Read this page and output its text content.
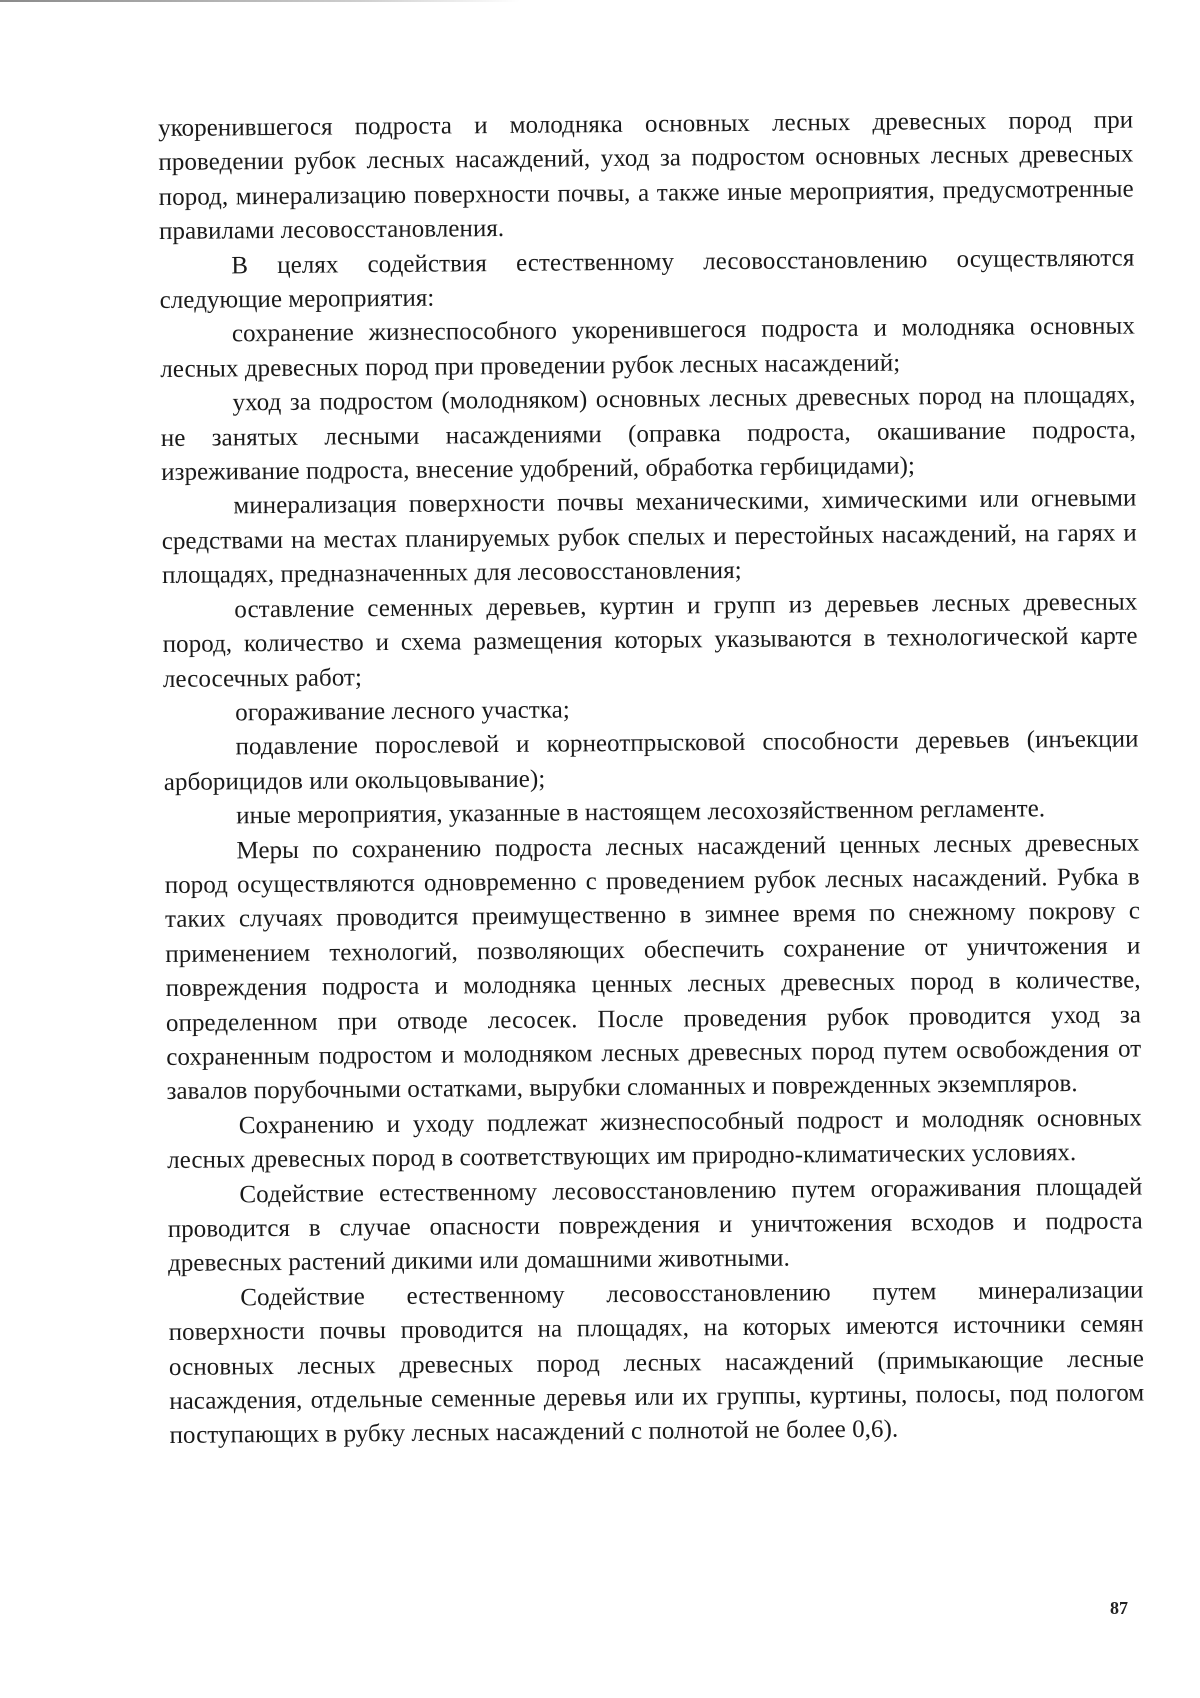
укоренившегося подроста и молодняка основных лесных древесных пород при проведении рубок лесных насаждений, уход за подростом основных лесных древесных пород, минерализацию поверхности почвы, а также иные мероприятия, предусмотренные правилами лесовосстановления.

В целях содействия естественному лесовосстановлению осуществляются следующие мероприятия:

сохранение жизнеспособного укоренившегося подроста и молодняка основных лесных древесных пород при проведении рубок лесных насаждений;

уход за подростом (молодняком) основных лесных древесных пород на площадях, не занятых лесными насаждениями (оправка подроста, окашивание подроста, изреживание подроста, внесение удобрений, обработка гербицидами);

минерализация поверхности почвы механическими, химическими или огневыми средствами на местах планируемых рубок спелых и перестойных насаждений, на гарях и площадях, предназначенных для лесовосстановления;

оставление семенных деревьев, куртин и групп из деревьев лесных древесных пород, количество и схема размещения которых указываются в технологической карте лесосечных работ;

огораживание лесного участка;

подавление порослевой и корнеотпрысковой способности деревьев (инъекции арборицидов или окольцовывание);

иные мероприятия, указанные в настоящем лесохозяйственном регламенте.

Меры по сохранению подроста лесных насаждений ценных лесных древесных пород осуществляются одновременно с проведением рубок лесных насаждений. Рубка в таких случаях проводится преимущественно в зимнее время по снежному покрову с применением технологий, позволяющих обеспечить сохранение от уничтожения и повреждения подроста и молодняка ценных лесных древесных пород в количестве, определенном при отводе лесосек. После проведения рубок проводится уход за сохраненным подростом и молодняком лесных древесных пород путем освобождения от завалов порубочными остатками, вырубки сломанных и поврежденных экземпляров.

Сохранению и уходу подлежат жизнеспособный подрост и молодняк основных лесных древесных пород в соответствующих им природно-климатических условиях.

Содействие естественному лесовосстановлению путем огораживания площадей проводится в случае опасности повреждения и уничтожения всходов и подроста древесных растений дикими или домашними животными.

Содействие естественному лесовосстановлению путем минерализации поверхности почвы проводится на площадях, на которых имеются источники семян основных лесных древесных пород лесных насаждений (примыкающие лесные насаждения, отдельные семенные деревья или их группы, куртины, полосы, под пологом поступающих в рубку лесных насаждений с полнотой не более 0,6).

87
